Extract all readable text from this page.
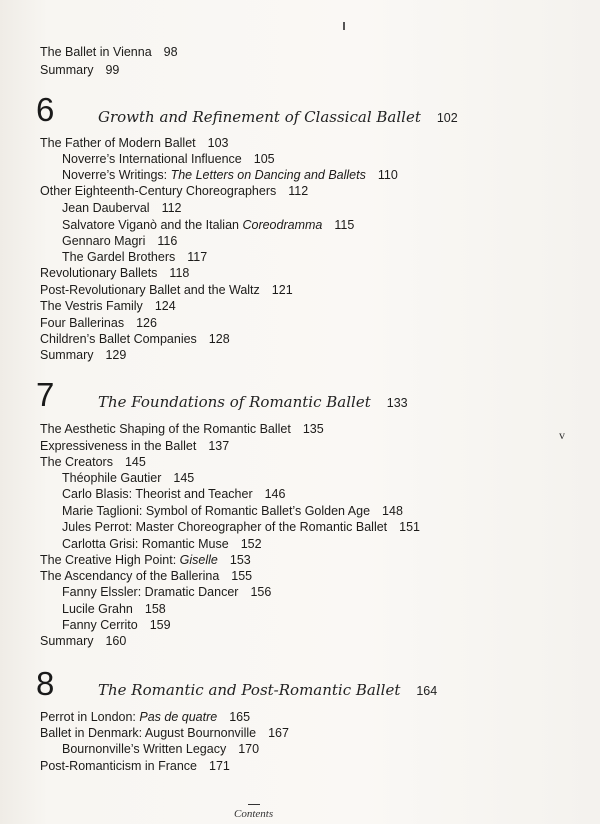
The Ballet in Vienna 98
Summary 99
6	Growth and Refinement of Classical Ballet 102
The Father of Modern Ballet 103
Noverre’s International Influence 105
Noverre’s Writings: The Letters on Dancing and Ballets 110
Other Eighteenth-Century Choreographers 112
Jean Dauberval 112
Salvatore Viganò and the Italian Coreodramma 115
Gennaro Magri 116
The Gardel Brothers 117
Revolutionary Ballets 118
Post-Revolutionary Ballet and the Waltz 121
The Vestris Family 124
Four Ballerinas 126
Children’s Ballet Companies 128
Summary 129
7	The Foundations of Romantic Ballet 133
The Aesthetic Shaping of the Romantic Ballet 135
Expressiveness in the Ballet 137
The Creators 145
Théophile Gautier 145
Carlo Blasis: Theorist and Teacher 146
Marie Taglioni: Symbol of Romantic Ballet’s Golden Age 148
Jules Perrot: Master Choreographer of the Romantic Ballet 151
Carlotta Grisi: Romantic Muse 152
The Creative High Point: Giselle 153
The Ascendancy of the Ballerina 155
Fanny Elssler: Dramatic Dancer 156
Lucile Grahn 158
Fanny Cerrito 159
Summary 160
8	The Romantic and Post-Romantic Ballet 164
Perrot in London: Pas de quatre 165
Ballet in Denmark: August Bournonville 167
Bournonville’s Written Legacy 170
Post-Romanticism in France 171
v
Contents
